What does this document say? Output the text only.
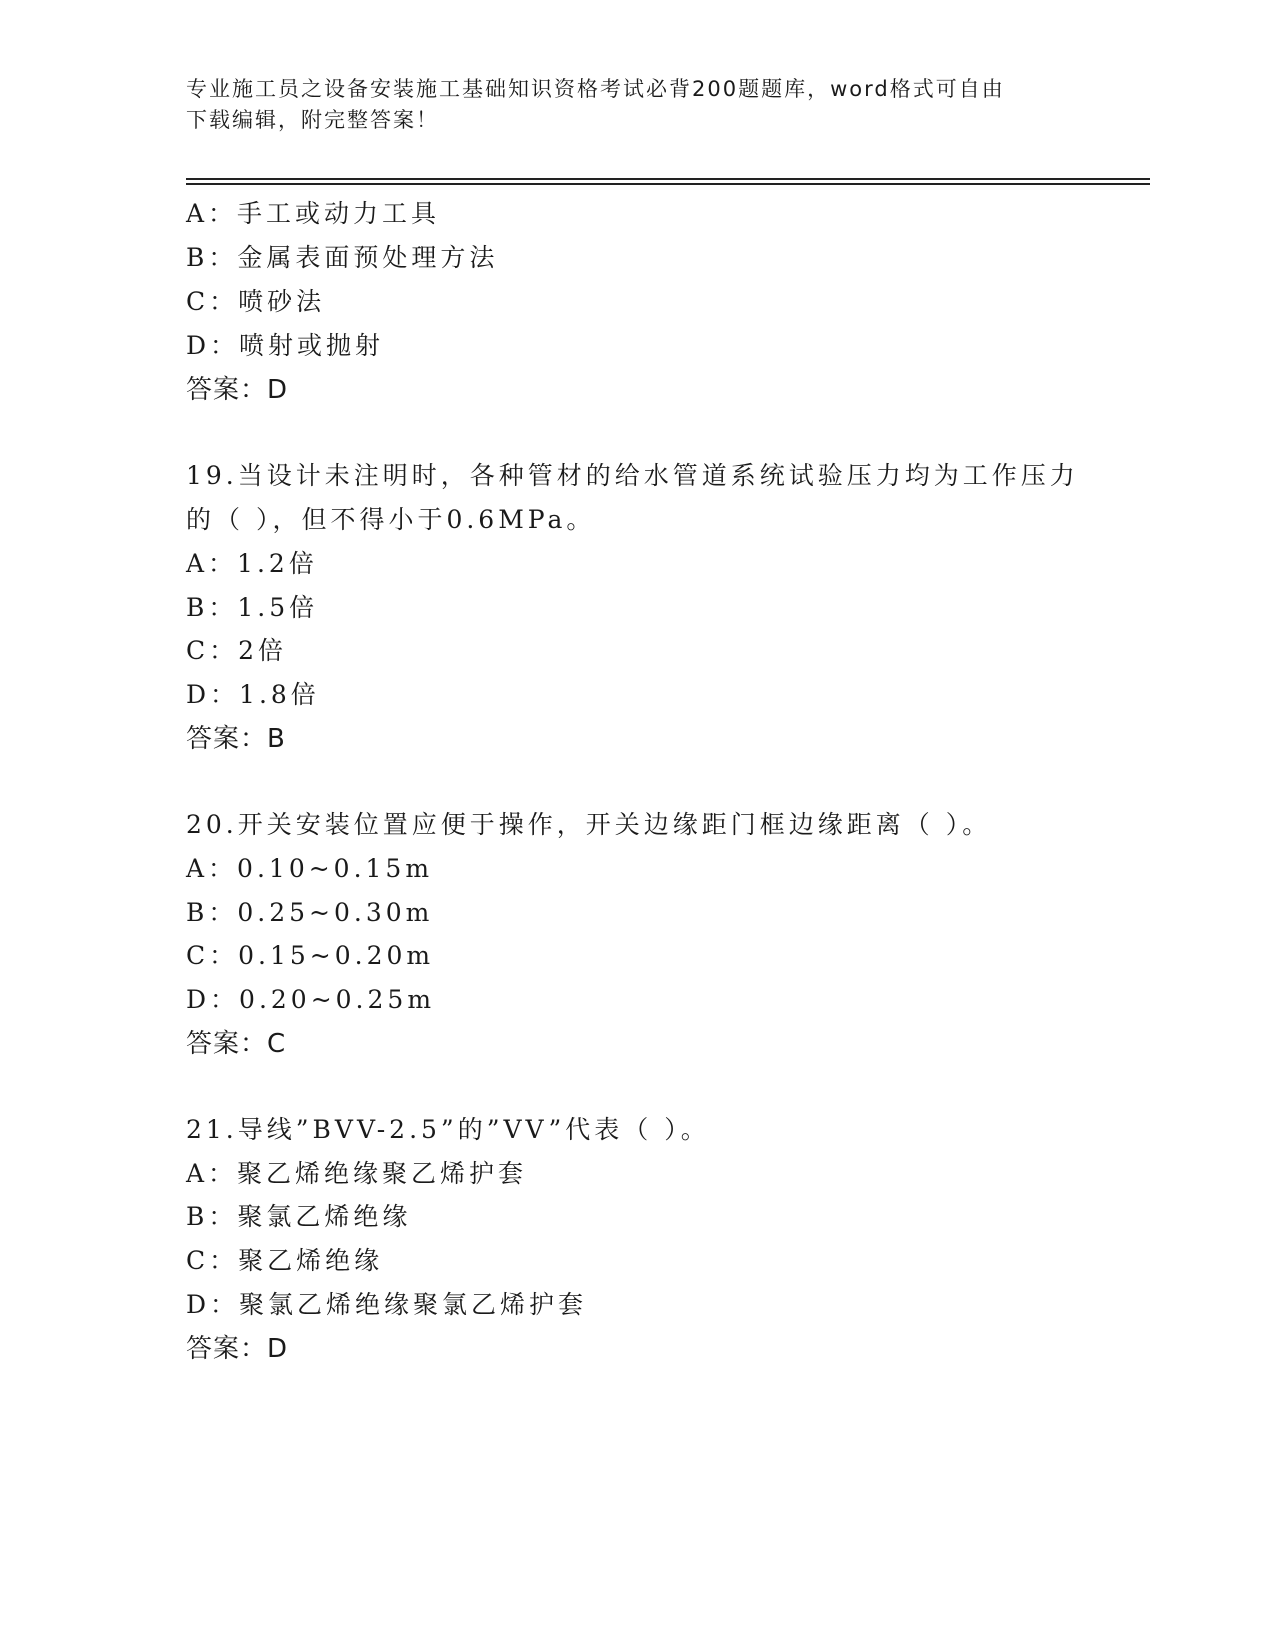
专业施工员之设备安装施工基础知识资格考试必背200题题库，word格式可自由
下载编辑，附完整答案！
A：手工或动力工具
B：金属表面预处理方法
C：喷砂法
D：喷射或抛射
答案：D
19.当设计未注明时，各种管材的给水管道系统试验压力均为工作压力
的（ ），但不得小于0.6MPa。
A：1.2倍
B：1.5倍
C：2倍
D：1.8倍
答案：B
20.开关安装位置应便于操作，开关边缘距门框边缘距离（ ）。
A：0.10~0.15m
B：0.25~0.30m
C：0.15~0.20m
D：0.20~0.25m
答案：C
21.导线”BVV-2.5”的”VV”代表（ ）。
A：聚乙烯绝缘聚乙烯护套
B：聚氯乙烯绝缘
C：聚乙烯绝缘
D：聚氯乙烯绝缘聚氯乙烯护套
答案：D
